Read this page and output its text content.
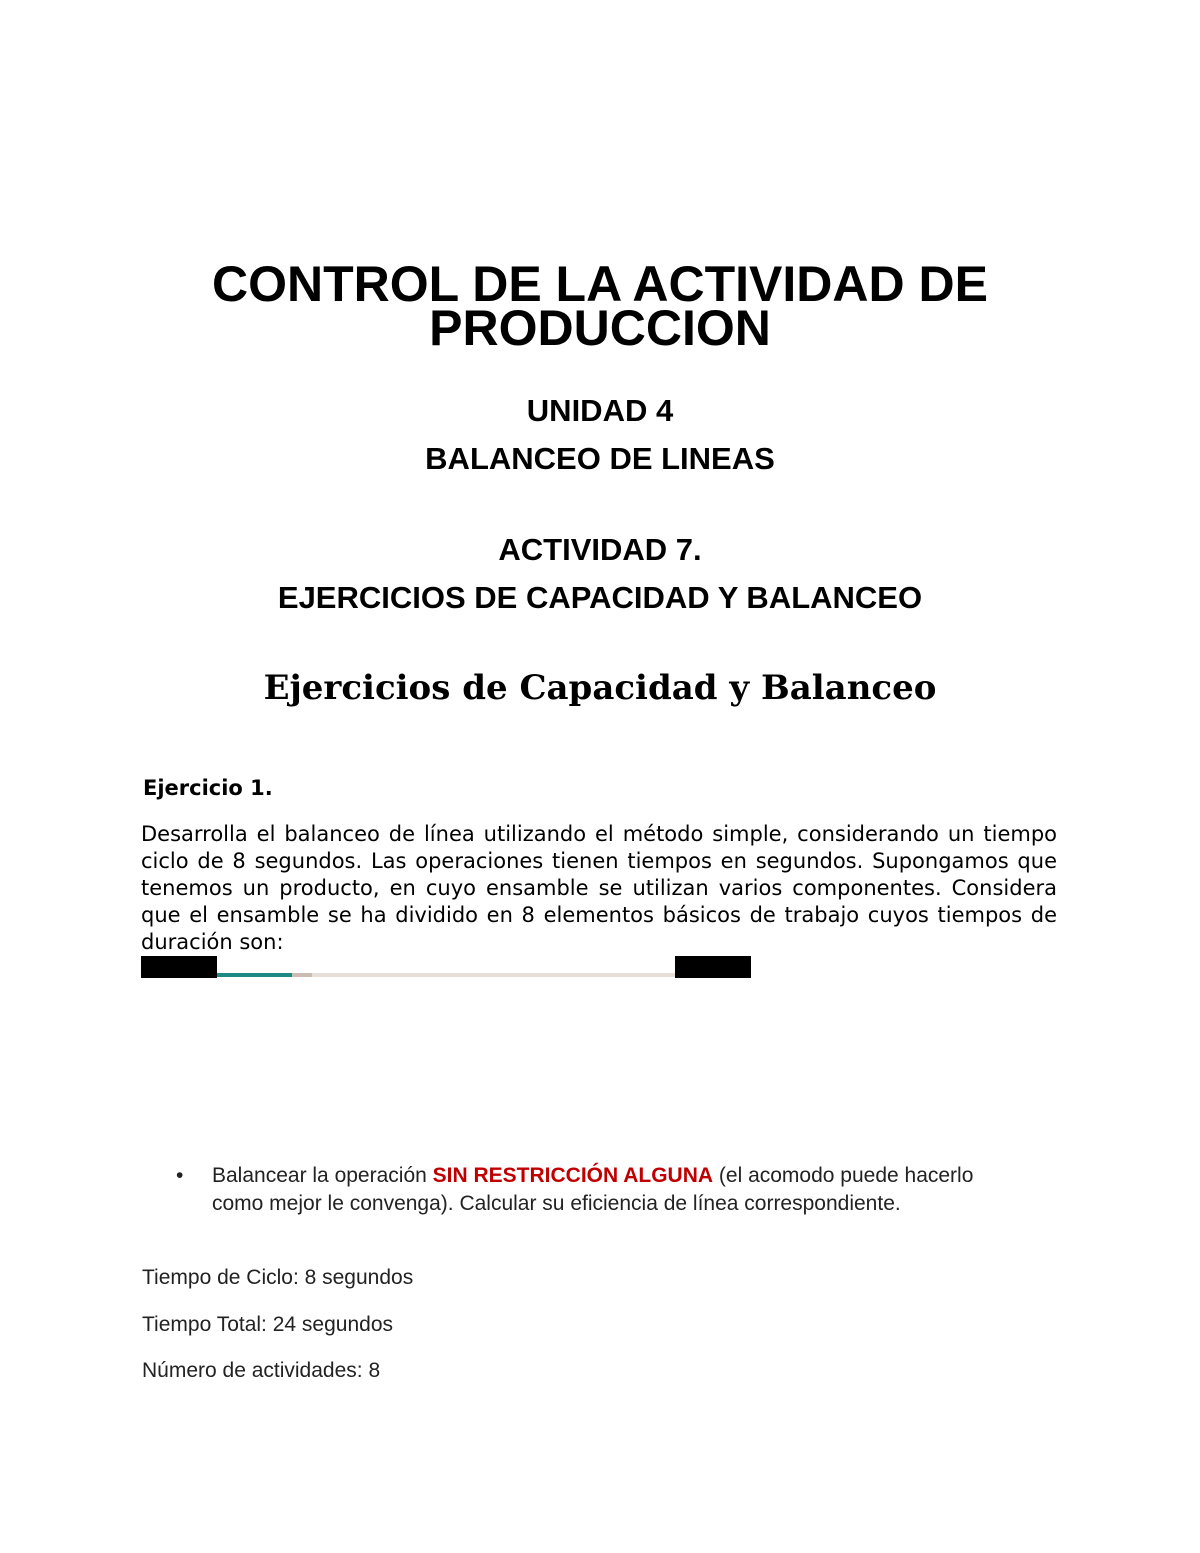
CONTROL DE LA ACTIVIDAD DE
PRODUCCION
UNIDAD 4
BALANCEO DE LINEAS
ACTIVIDAD 7.
EJERCICIOS DE CAPACIDAD Y BALANCEO
Ejercicios de Capacidad y Balanceo
Ejercicio 1.
Desarrolla el balanceo de línea utilizando el método simple, considerando un tiempo ciclo de 8 segundos. Las operaciones tienen tiempos en segundos. Supongamos que tenemos un producto, en cuyo ensamble se utilizan varios componentes. Considera que el ensamble se ha dividido en 8 elementos básicos de trabajo cuyos tiempos de duración son:
•	Balancear la operación SIN RESTRICCIÓN ALGUNA (el acomodo puede hacerlo como mejor le convenga). Calcular su eficiencia de línea correspondiente.
Tiempo de Ciclo: 8 segundos
Tiempo Total: 24 segundos
Número de actividades: 8
